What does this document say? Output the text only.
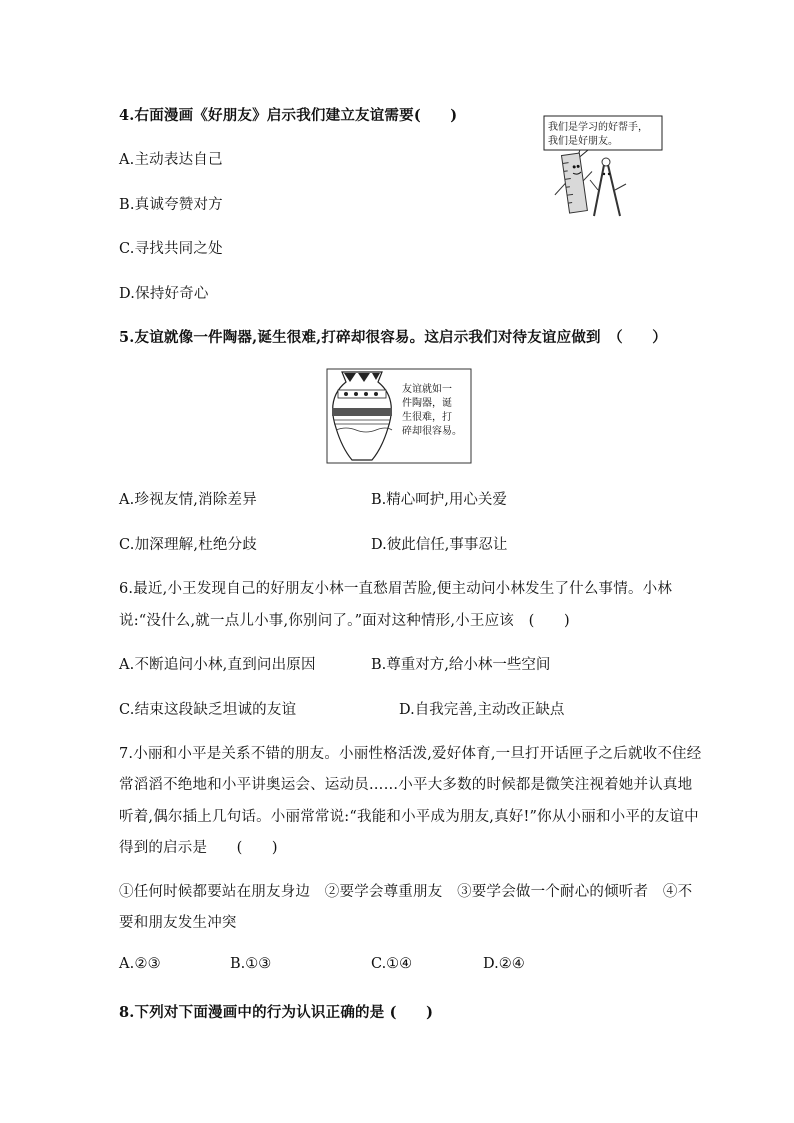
4.右面漫画《好朋友》启示我们建立友谊需要(　　)
A.主动表达自己
B.真诚夸赞对方
C.寻找共同之处
D.保持好奇心
我们是学习的好帮手，
我们是好朋友。
5.友谊就像一件陶器,诞生很难,打碎却很容易。这启示我们对待友谊应做到　（　　）
友谊就如一
件陶器，诞
生很难，打
碎却很容易。
A.珍视友情,消除差异	B.精心呵护,用心关爱
C.加深理解,杜绝分歧	D.彼此信任,事事忍让
6.最近,小王发现自己的好朋友小林一直愁眉苦脸,便主动问小林发生了什么事情。小林
说:“没什么,就一点儿小事,你别问了。”面对这种情形,小王应该　(　　)
A.不断追问小林,直到问出原因	B.尊重对方,给小林一些空间
C.结束这段缺乏坦诚的友谊	D.自我完善,主动改正缺点
7.小丽和小平是关系不错的朋友。小丽性格活泼,爱好体育,一旦打开话匣子之后就收不住经
常滔滔不绝地和小平讲奥运会、运动员……小平大多数的时候都是微笑注视着她并认真地
听着,偶尔插上几句话。小丽常常说:“我能和小平成为朋友,真好!”你从小丽和小平的友谊中
得到的启示是　　(　　)
①任何时候都要站在朋友身边　②要学会尊重朋友　③要学会做一个耐心的倾听者　④不
要和朋友发生冲突
A.②③	B.①③	C.①④	D.②④
8.下列对下面漫画中的行为认识正确的是 (　　)
